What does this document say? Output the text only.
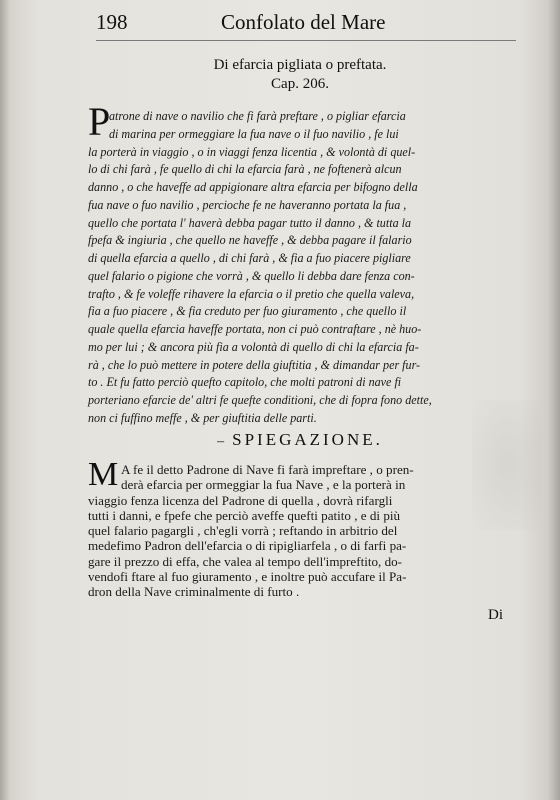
198	Confolato del Mare
Di efarcia pigliata o preftata.
Cap. 206.
P
atrone di nave o navilio che fi farà preftare , o pigliar efarcia
di marina per ormeggiare la fua nave o il fuo navilio , fe lui
la porterà in viaggio , o in viaggi fenza licentia , & volontà di quel-
lo di chi farà , fe quello di chi la efarcia farà , ne foftenerà alcun
danno , o che haveffe ad appigionare altra efarcia per bifogno della
fua nave o fuo navilio , percioche fe ne haveranno portata la fua ,
quello che portata l' haverà debba pagar tutto il danno , & tutta la
fpefa & ingiuria , che quello ne haveffe , & debba pagare il falario
di quella efarcia a quello , di chi farà , & fia a fuo piacere pigliare
quel falario o pigione che vorrà , & quello li debba dare fenza con-
trafto , & fe voleffe rihavere la efarcia o il pretio che quella valeva,
fia a fuo piacere , & fia creduto per fuo giuramento , che quello il
quale quella efarcia haveffe portata, non ci può contraftare , nè huo-
mo per lui ; & ancora più fia a volontà di quello di chi la efarcia fa-
rà , che lo può mettere in potere della giuftitia , & dimandar per fur-
to . Et fu fatto perciò quefto capitolo, che molti patroni di nave fi
porteriano efarcie de' altri fe quefte conditioni, che di fopra fono dette,
non ci fuffino meffe , & per giuftitia delle parti.
– SPIEGAZIONE.
M A fe il detto Padrone di Nave fi farà impreftare , o pren-
derà efarcia per ormeggiar la fua Nave , e la porterà in
viaggio fenza licenza del Padrone di quella , dovrà rifargli
tutti i danni, e fpefe che perciò aveffe quefti patito , e di più
quel falario pagargli , ch'egli vorrà ; reftando in arbitrio del
medefimo Padron dell'efarcia o di ripigliarfela , o di farfi pa-
gare il prezzo di effa, che valea al tempo dell'impreftito, do-
vendofi ftare al fuo giuramento , e inoltre può accufare il Pa-
dron della Nave criminalmente di furto .
Di
